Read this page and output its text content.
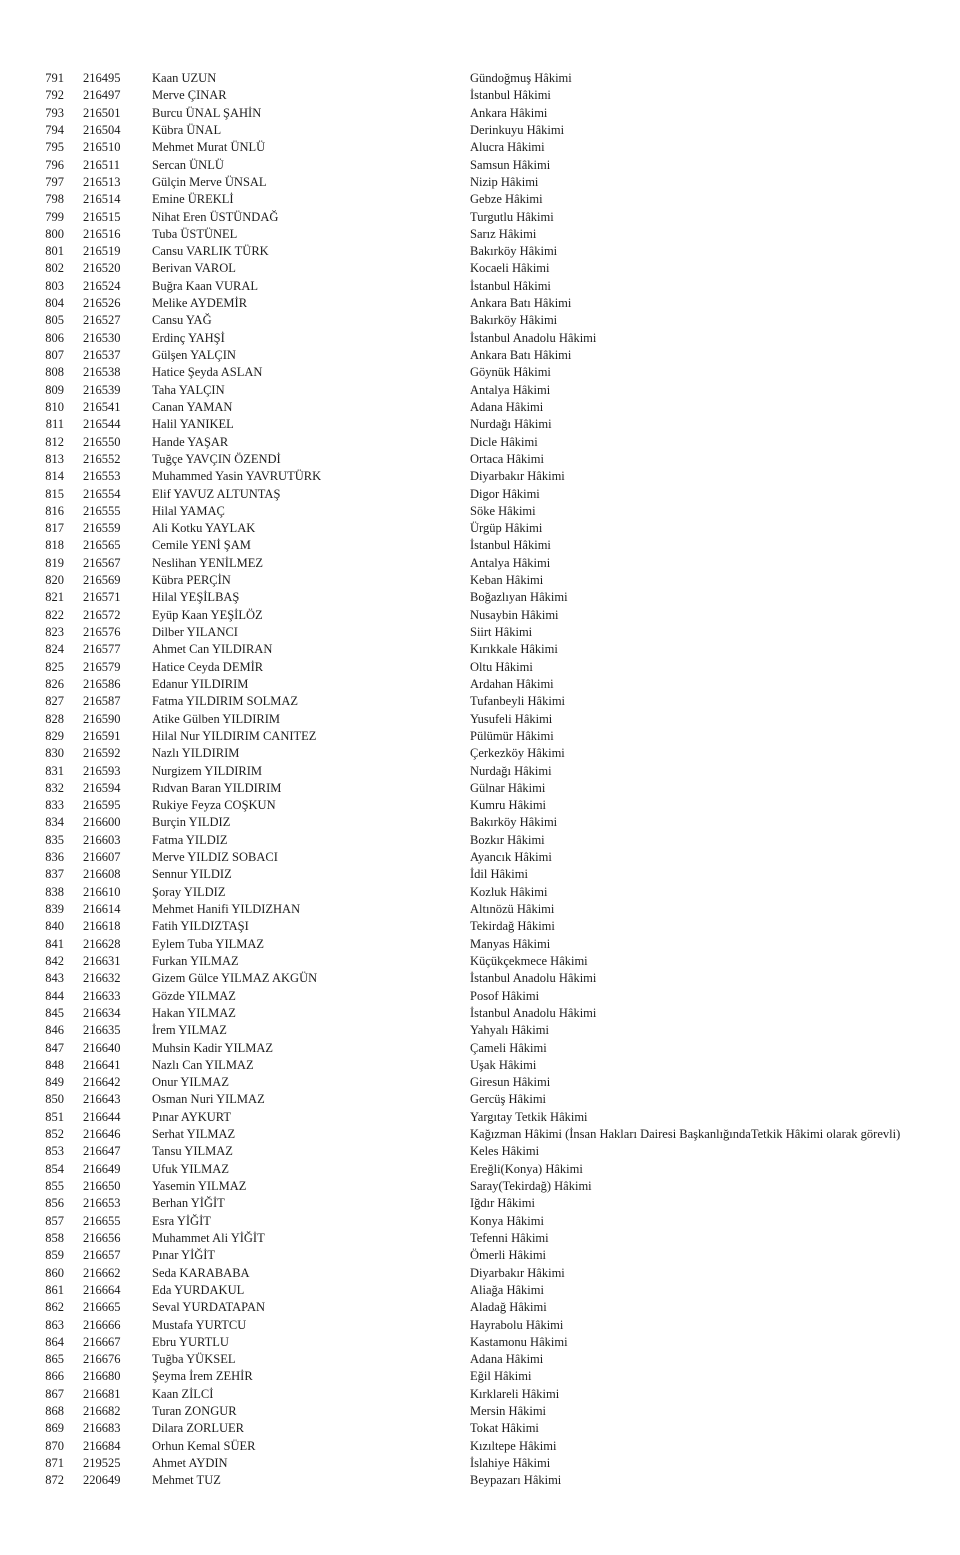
791 216495	Kaan UZUN	Gündoğmuş Hâkimi
792 216497	Merve ÇINAR	İstanbul Hâkimi
793 216501	Burcu ÜNAL ŞAHİN	Ankara Hâkimi
794 216504	Kübra ÜNAL	Derinkuyu Hâkimi
795 216510	Mehmet Murat ÜNLÜ	Alucra Hâkimi
796 216511	Sercan ÜNLÜ	Samsun Hâkimi
797 216513	Gülçin Merve ÜNSAL	Nizip Hâkimi
798 216514	Emine ÜREKLİ	Gebze Hâkimi
799 216515	Nihat Eren ÜSTÜNDAĞ	Turgutlu Hâkimi
800 216516	Tuba ÜSTÜNEL	Sarız Hâkimi
801 216519	Cansu VARLIK TÜRK	Bakırköy Hâkimi
802 216520	Berivan VAROL	Kocaeli Hâkimi
803 216524	Buğra Kaan VURAL	İstanbul Hâkimi
804 216526	Melike AYDEMİR	Ankara Batı Hâkimi
805 216527	Cansu YAĞ	Bakırköy Hâkimi
806 216530	Erdinç YAHŞİ	İstanbul Anadolu Hâkimi
807 216537	Gülşen YALÇIN	Ankara Batı Hâkimi
808 216538	Hatice Şeyda ASLAN	Göynük Hâkimi
809 216539	Taha YALÇIN	Antalya Hâkimi
810 216541	Canan YAMAN	Adana Hâkimi
811 216544	Halil YANIKEL	Nurdağı Hâkimi
812 216550	Hande YAŞAR	Dicle Hâkimi
813 216552	Tuğçe YAVÇIN ÖZENDİ	Ortaca Hâkimi
814 216553	Muhammed Yasin YAVRUTÜRK	Diyarbakır Hâkimi
815 216554	Elif YAVUZ ALTUNTAŞ	Digor Hâkimi
816 216555	Hilal YAMAÇ	Söke Hâkimi
817 216559	Ali Kotku YAYLAK	Ürgüp Hâkimi
818 216565	Cemile YENİ ŞAM	İstanbul Hâkimi
819 216567	Neslihan YENİLMEZ	Antalya Hâkimi
820 216569	Kübra PERÇİN	Keban Hâkimi
821 216571	Hilal YEŞİLBAŞ	Boğazlıyan Hâkimi
822 216572	Eyüp Kaan YEŞİLÖZ	Nusaybin Hâkimi
823 216576	Dilber YILANCI	Siirt Hâkimi
824 216577	Ahmet Can YILDIRAN	Kırıkkale Hâkimi
825 216579	Hatice Ceyda DEMİR	Oltu Hâkimi
826 216586	Edanur YILDIRIM	Ardahan Hâkimi
827 216587	Fatma YILDIRIM SOLMAZ	Tufanbeyli Hâkimi
828 216590	Atike Gülben YILDIRIM	Yusufeli Hâkimi
829 216591	Hilal Nur YILDIRIM CANITEZ	Pülümür Hâkimi
830 216592	Nazlı YILDIRIM	Çerkezköy Hâkimi
831 216593	Nurgizem YILDIRIM	Nurdağı Hâkimi
832 216594	Rıdvan Baran YILDIRIM	Gülnar Hâkimi
833 216595	Rukiye Feyza COŞKUN	Kumru Hâkimi
834 216600	Burçin YILDIZ	Bakırköy Hâkimi
835 216603	Fatma YILDIZ	Bozkır Hâkimi
836 216607	Merve YILDIZ SOBACI	Ayancık Hâkimi
837 216608	Sennur YILDIZ	İdil Hâkimi
838 216610	Şoray YILDIZ	Kozluk Hâkimi
839 216614	Mehmet Hanifi YILDIZHAN	Altınözü Hâkimi
840 216618	Fatih YILDIZTAŞI	Tekirdağ Hâkimi
841 216628	Eylem Tuba YILMAZ	Manyas Hâkimi
842 216631	Furkan YILMAZ	Küçükçekmece Hâkimi
843 216632	Gizem Gülce YILMAZ AKGÜN	İstanbul Anadolu Hâkimi
844 216633	Gözde YILMAZ	Posof Hâkimi
845 216634	Hakan YILMAZ	İstanbul Anadolu Hâkimi
846 216635	İrem YILMAZ	Yahyalı Hâkimi
847 216640	Muhsin Kadir YILMAZ	Çameli Hâkimi
848 216641	Nazlı Can YILMAZ	Uşak Hâkimi
849 216642	Onur YILMAZ	Giresun Hâkimi
850 216643	Osman Nuri YILMAZ	Gercüş Hâkimi
851 216644	Pınar AYKURT	Yargıtay Tetkik Hâkimi
852 216646	Serhat YILMAZ	Kağızman Hâkimi (İnsan Hakları Dairesi BaşkanlığındaTetkik Hâkimi olarak görevli)
853 216647	Tansu YILMAZ	Keles Hâkimi
854 216649	Ufuk YILMAZ	Ereğli(Konya) Hâkimi
855 216650	Yasemin YILMAZ	Saray(Tekirdağ) Hâkimi
856 216653	Berhan YİĞİT	Iğdır Hâkimi
857 216655	Esra YİĞİT	Konya Hâkimi
858 216656	Muhammet Ali YİĞİT	Tefenni Hâkimi
859 216657	Pınar YİĞİT	Ömerli Hâkimi
860 216662	Seda KARABABA	Diyarbakır Hâkimi
861 216664	Eda YURDAKUL	Aliağa Hâkimi
862 216665	Seval YURDATAPAN	Aladağ Hâkimi
863 216666	Mustafa YURTCU	Hayrabolu Hâkimi
864 216667	Ebru YURTLU	Kastamonu Hâkimi
865 216676	Tuğba YÜKSEL	Adana Hâkimi
866 216680	Şeyma İrem ZEHİR	Eğil Hâkimi
867 216681	Kaan ZİLCİ	Kırklareli Hâkimi
868 216682	Turan ZONGUR	Mersin Hâkimi
869 216683	Dilara ZORLUER	Tokat Hâkimi
870 216684	Orhun Kemal SÜER	Kızıltepe Hâkimi
871 219525	Ahmet AYDIN	İslahiye Hâkimi
872 220649	Mehmet TUZ	Beypazarı Hâkimi
